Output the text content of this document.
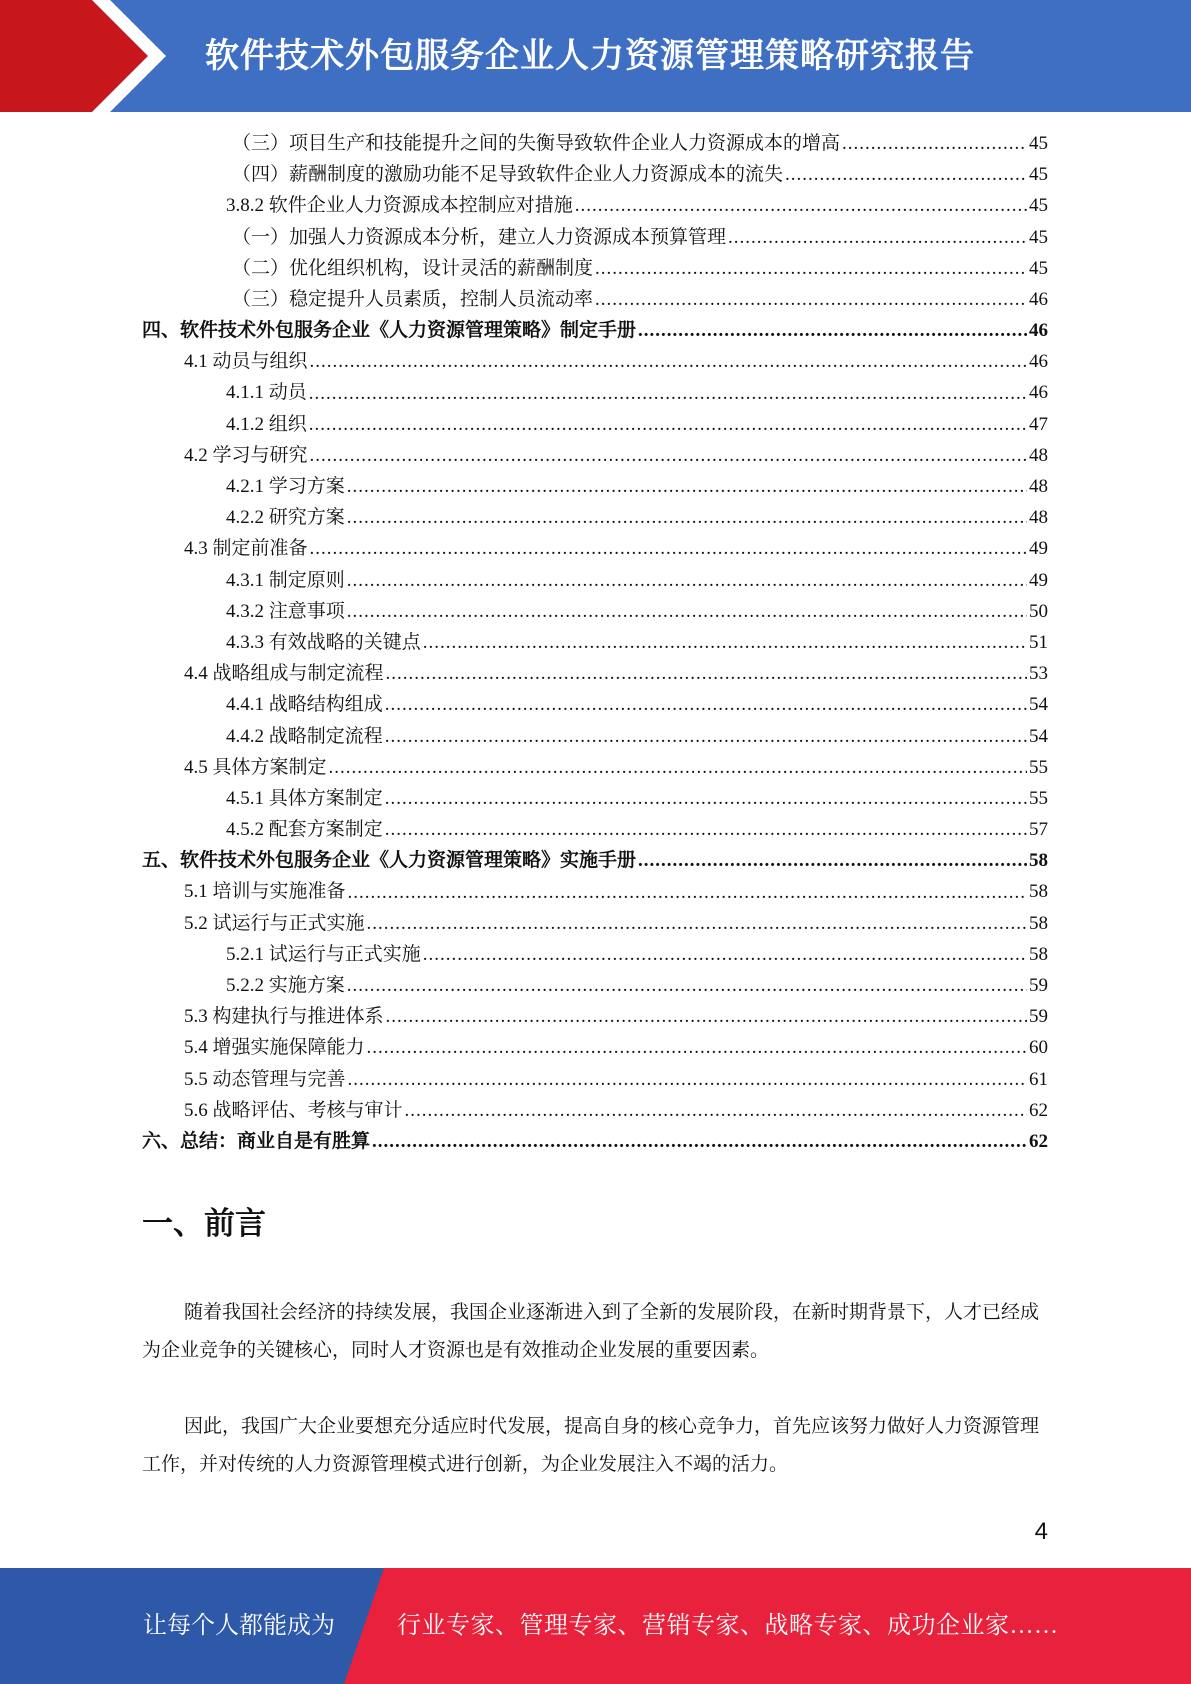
软件技术外包服务企业人力资源管理策略研究报告
（三）项目生产和技能提升之间的失衡导致软件企业人力资源成本的增高 .....	45
（四）薪酬制度的激励功能不足导致软件企业人力资源成本的流失 .....	45
3.8.2 软件企业人力资源成本控制应对措施 .....	45
（一）加强人力资源成本分析，建立人力资源成本预算管理 .....	45
（二）优化组织机构，设计灵活的薪酬制度 .....	45
（三）稳定提升人员素质，控制人员流动率 .....	46
四、软件技术外包服务企业《人力资源管理策略》制定手册 .....	46
4.1 动员与组织 .....	46
4.1.1 动员 .....	46
4.1.2 组织 .....	47
4.2 学习与研究 .....	48
4.2.1 学习方案 .....	48
4.2.2 研究方案 .....	48
4.3 制定前准备 .....	49
4.3.1 制定原则 .....	49
4.3.2 注意事项 .....	50
4.3.3 有效战略的关键点 .....	51
4.4 战略组成与制定流程 .....	53
4.4.1 战略结构组成 .....	54
4.4.2 战略制定流程 .....	54
4.5 具体方案制定 .....	55
4.5.1 具体方案制定 .....	55
4.5.2 配套方案制定 .....	57
五、软件技术外包服务企业《人力资源管理策略》实施手册 .....	58
5.1 培训与实施准备 .....	58
5.2 试运行与正式实施 .....	58
5.2.1 试运行与正式实施 .....	58
5.2.2 实施方案 .....	59
5.3 构建执行与推进体系 .....	59
5.4 增强实施保障能力 .....	60
5.5 动态管理与完善 .....	61
5.6 战略评估、考核与审计 .....	62
六、总结：商业自是有胜算 .....	62
一、前言

随着我国社会经济的持续发展，我国企业逐渐进入到了全新的发展阶段，在新时期背景下，人才已经成为企业竞争的关键核心，同时人才资源也是有效推动企业发展的重要因素。

因此，我国广大企业要想充分适应时代发展，提高自身的核心竞争力，首先应该努力做好人力资源管理工作，并对传统的人力资源管理模式进行创新，为企业发展注入不竭的活力。

4
让每个人都能成为	行业专家、管理专家、营销专家、战略专家、成功企业家……
